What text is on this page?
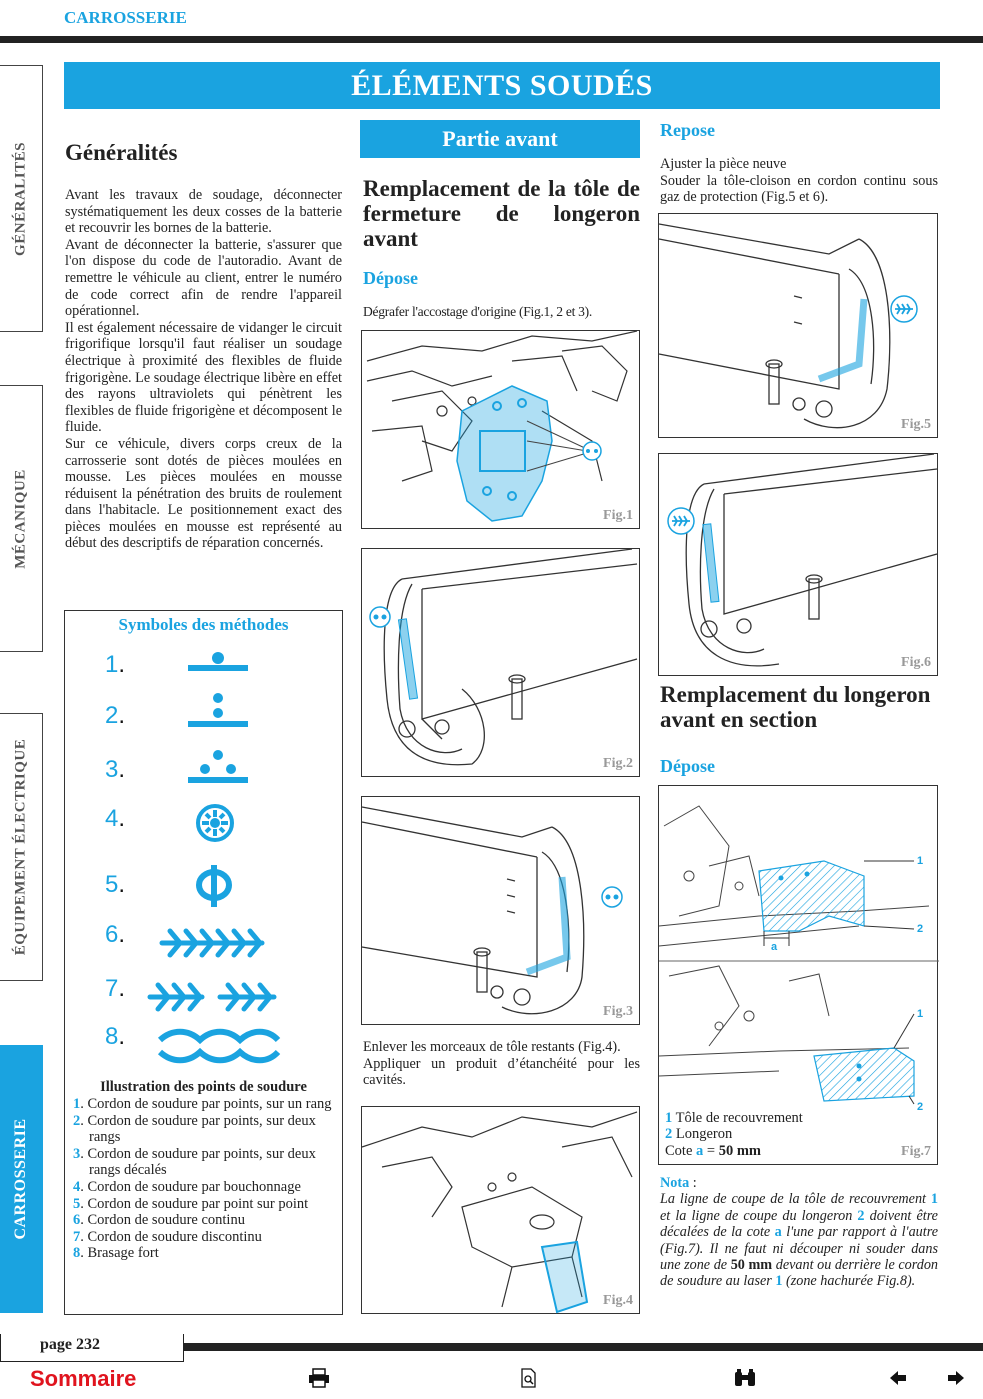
CARROSSERIE
GÉNÉRALITÉS
MÉCANIQUE
ÉQUIPEMENT ÉLECTRIQUE
CARROSSERIE
ÉLÉMENTS SOUDÉS
Généralités

Avant les travaux de soudage, déconnecter systématiquement les deux cosses de la batterie et recouvrir les bornes de la batterie.

Avant de déconnecter la batterie, s'assurer que l'on dispose du code de l'autoradio. Avant de remettre le véhicule au client, entrer le numéro de code correct afin de rendre l'appareil opérationnel.

Il est également nécessaire de vidanger le circuit frigorifique lorsqu'il faut réaliser un soudage électrique à proximité des flexibles de fluide frigorigène. Le soudage électrique libère en effet des rayons ultraviolets qui pénètrent les flexibles de fluide frigorigène et décomposent le fluide.

Sur ce véhicule, divers corps creux de la carrosserie sont dotés de pièces moulées en mousse. Les pièces moulées en mousse réduisent la pénétration des bruits de roulement dans l'habitacle. Le positionnement exact des pièces moulées en mousse est représenté au début des descriptifs de réparation concernés.

Symboles des méthodes
1.
2.
3.
4.
5.
6.
7.
8.
Illustration des points de soudure
1. Cordon de soudure par points, sur un rang
2. Cordon de soudure par points, sur deux rangs
3. Cordon de soudure par points, sur deux rangs décalés
4. Cordon de soudure par bouchonnage
5. Cordon de soudure par point sur point
6. Cordon de soudure continu
7. Cordon de soudure discontinu
8. Brasage fort
Partie avant
Remplacement de la tôle de fermeture de longeron avant
Dépose
Dégrafer l'accostage d'origine (Fig.1, 2 et 3).
Fig.1
Fig.2
Fig.3

Enlever les morceaux de tôle restants (Fig.4).

Appliquer un produit d’étanchéité pour les cavités.

Fig.4
Repose

Ajuster la pièce neuve

Souder la tôle-cloison en cordon continu sous gaz de protection (Fig.5 et 6).

Fig.5
Fig.6
Remplacement du longeron avant en section
Dépose
1
2
a
1
2
1 Tôle de recouvrement
2 Longeron
Cote a = 50 mm	Fig.7
Nota :
La ligne de coupe de la tôle de recouvrement 1 et la ligne de coupe du longeron 2 doivent être décalées de la cote a l'une par rapport à l'autre (Fig.7). Il ne faut ni découper ni souder dans une zone de 50 mm devant ou derrière le cordon de soudure au laser 1 (zone hachurée Fig.8).
page 232
Sommaire
